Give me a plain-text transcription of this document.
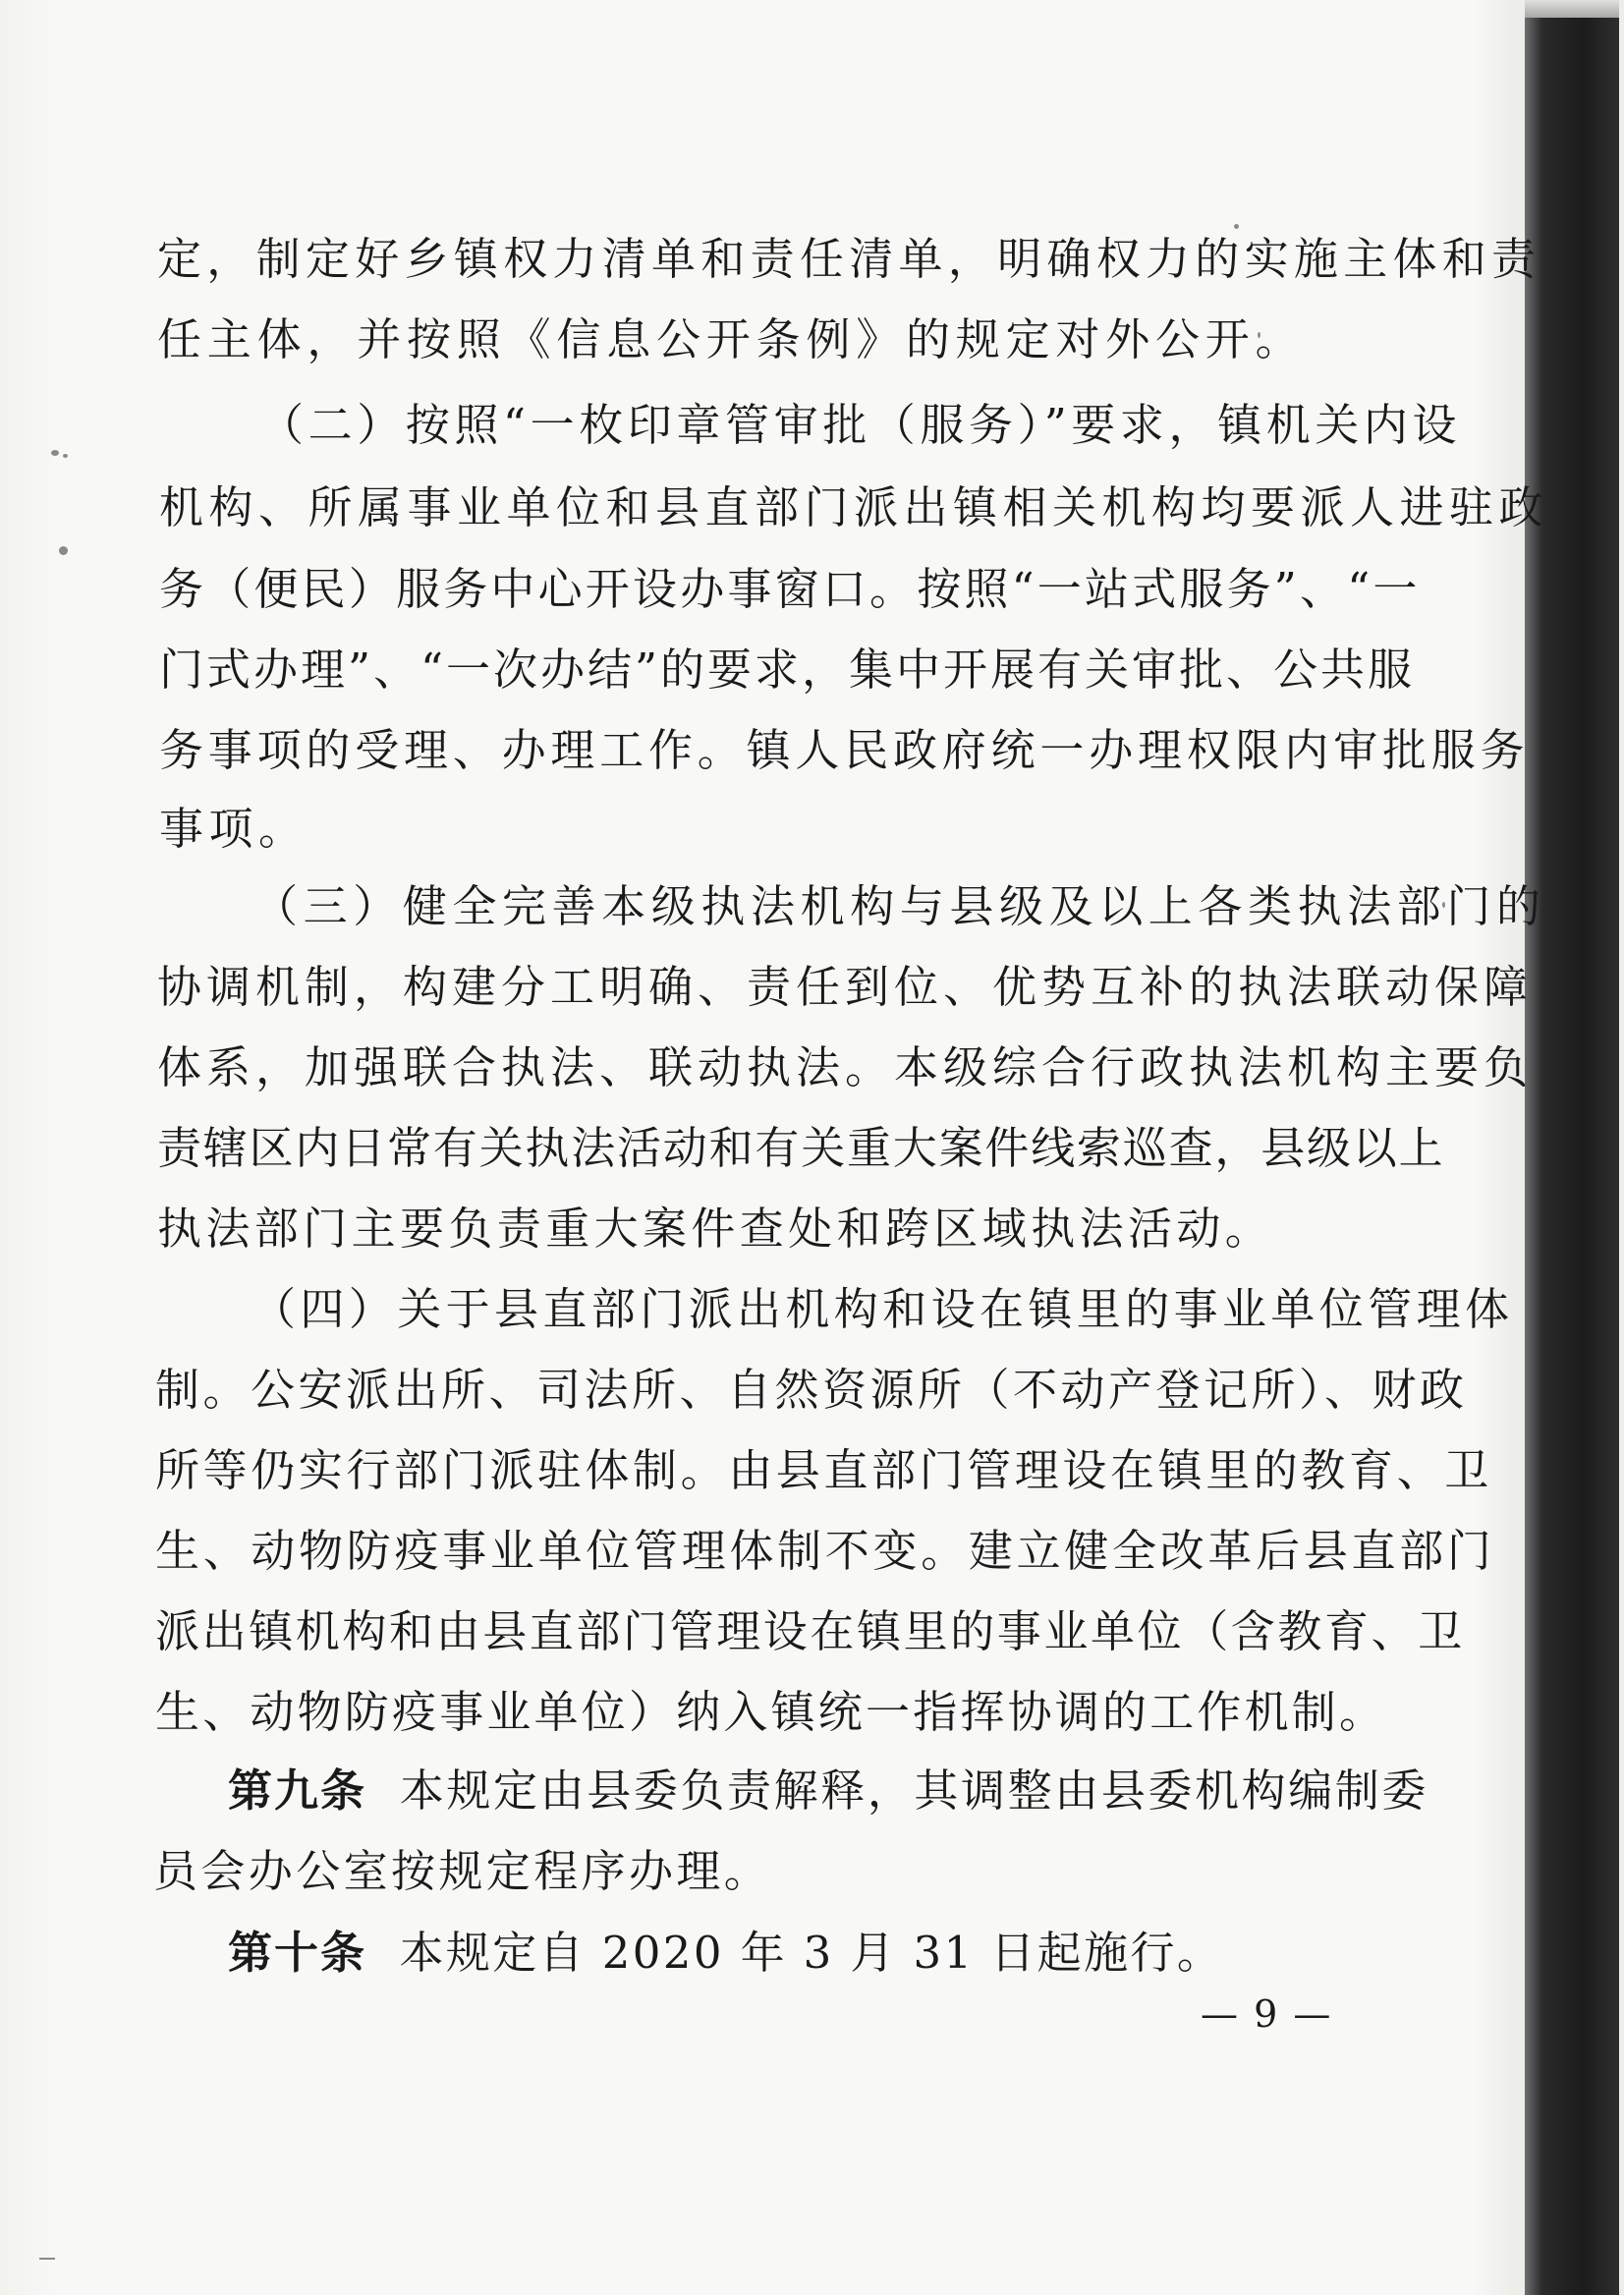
定，制定好乡镇权力清单和责任清单，明确权力的实施主体和责
任主体，并按照《信息公开条例》的规定对外公开。
（二）按照“一枚印章管审批（服务）”要求，镇机关内设
机构、所属事业单位和县直部门派出镇相关机构均要派人进驻政
务（便民）服务中心开设办事窗口。按照“一站式服务”、“一
门式办理”、“一次办结”的要求，集中开展有关审批、公共服
务事项的受理、办理工作。镇人民政府统一办理权限内审批服务
事项。
（三）健全完善本级执法机构与县级及以上各类执法部门的
协调机制，构建分工明确、责任到位、优势互补的执法联动保障
体系，加强联合执法、联动执法。本级综合行政执法机构主要负
责辖区内日常有关执法活动和有关重大案件线索巡查，县级以上
执法部门主要负责重大案件查处和跨区域执法活动。
（四）关于县直部门派出机构和设在镇里的事业单位管理体
制。公安派出所、司法所、自然资源所（不动产登记所）、财政
所等仍实行部门派驻体制。由县直部门管理设在镇里的教育、卫
生、动物防疫事业单位管理体制不变。建立健全改革后县直部门
派出镇机构和由县直部门管理设在镇里的事业单位（含教育、卫
生、动物防疫事业单位）纳入镇统一指挥协调的工作机制。
第九条 本规定由县委负责解释，其调整由县委机构编制委
员会办公室按规定程序办理。
第十条 本规定自 2020 年 3 月 31 日起施行。
— 9 —
